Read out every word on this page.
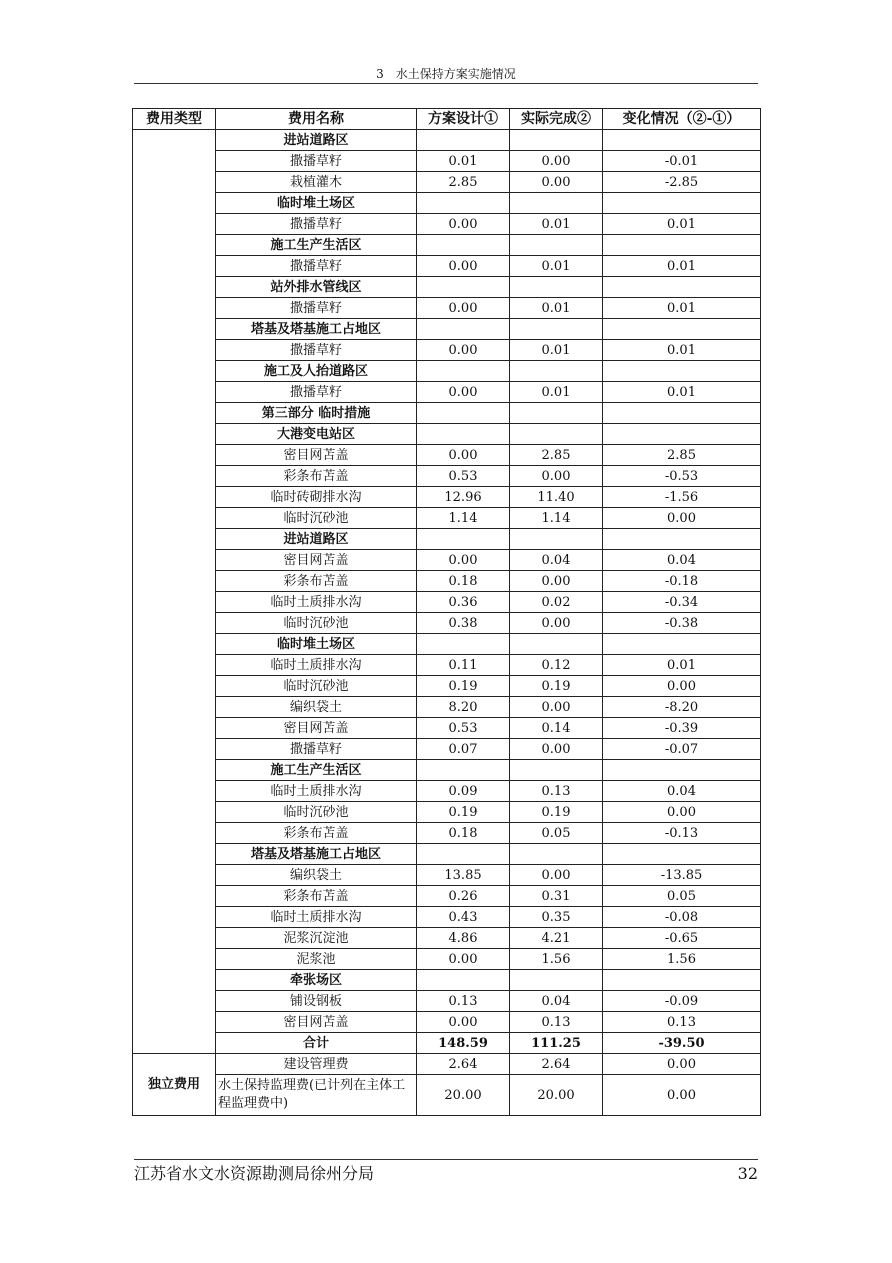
3　水土保持方案实施情况
费用类型	费用名称	方案设计①	实际完成②	变化情况（②-①）
	进站道路区			
	撒播草籽	0.01	0.00	-0.01
	栽植灌木	2.85	0.00	-2.85
	临时堆土场区			
	撒播草籽	0.00	0.01	0.01
	施工生产生活区			
	撒播草籽	0.00	0.01	0.01
	站外排水管线区			
	撒播草籽	0.00	0.01	0.01
	塔基及塔基施工占地区			
	撒播草籽	0.00	0.01	0.01
	施工及人抬道路区			
	撒播草籽	0.00	0.01	0.01
	第三部分 临时措施			
	大港变电站区			
	密目网苫盖	0.00	2.85	2.85
	彩条布苫盖	0.53	0.00	-0.53
	临时砖砌排水沟	12.96	11.40	-1.56
	临时沉砂池	1.14	1.14	0.00
	进站道路区			
	密目网苫盖	0.00	0.04	0.04
	彩条布苫盖	0.18	0.00	-0.18
	临时土质排水沟	0.36	0.02	-0.34
	临时沉砂池	0.38	0.00	-0.38
	临时堆土场区			
	临时土质排水沟	0.11	0.12	0.01
	临时沉砂池	0.19	0.19	0.00
	编织袋土	8.20	0.00	-8.20
	密目网苫盖	0.53	0.14	-0.39
	撒播草籽	0.07	0.00	-0.07
	施工生产生活区			
	临时土质排水沟	0.09	0.13	0.04
	临时沉砂池	0.19	0.19	0.00
	彩条布苫盖	0.18	0.05	-0.13
	塔基及塔基施工占地区			
	编织袋土	13.85	0.00	-13.85
	彩条布苫盖	0.26	0.31	0.05
	临时土质排水沟	0.43	0.35	-0.08
	泥浆沉淀池	4.86	4.21	-0.65
	泥浆池	0.00	1.56	1.56
	牵张场区			
	铺设钢板	0.13	0.04	-0.09
	密目网苫盖	0.00	0.13	0.13
	合计	148.59	111.25	-39.50
独立费用	建设管理费	2.64	2.64	0.00
	水土保持监理费(已计列在主体工程监理费中)	20.00	20.00	0.00
江苏省水文水资源勘测局徐州分局	32
